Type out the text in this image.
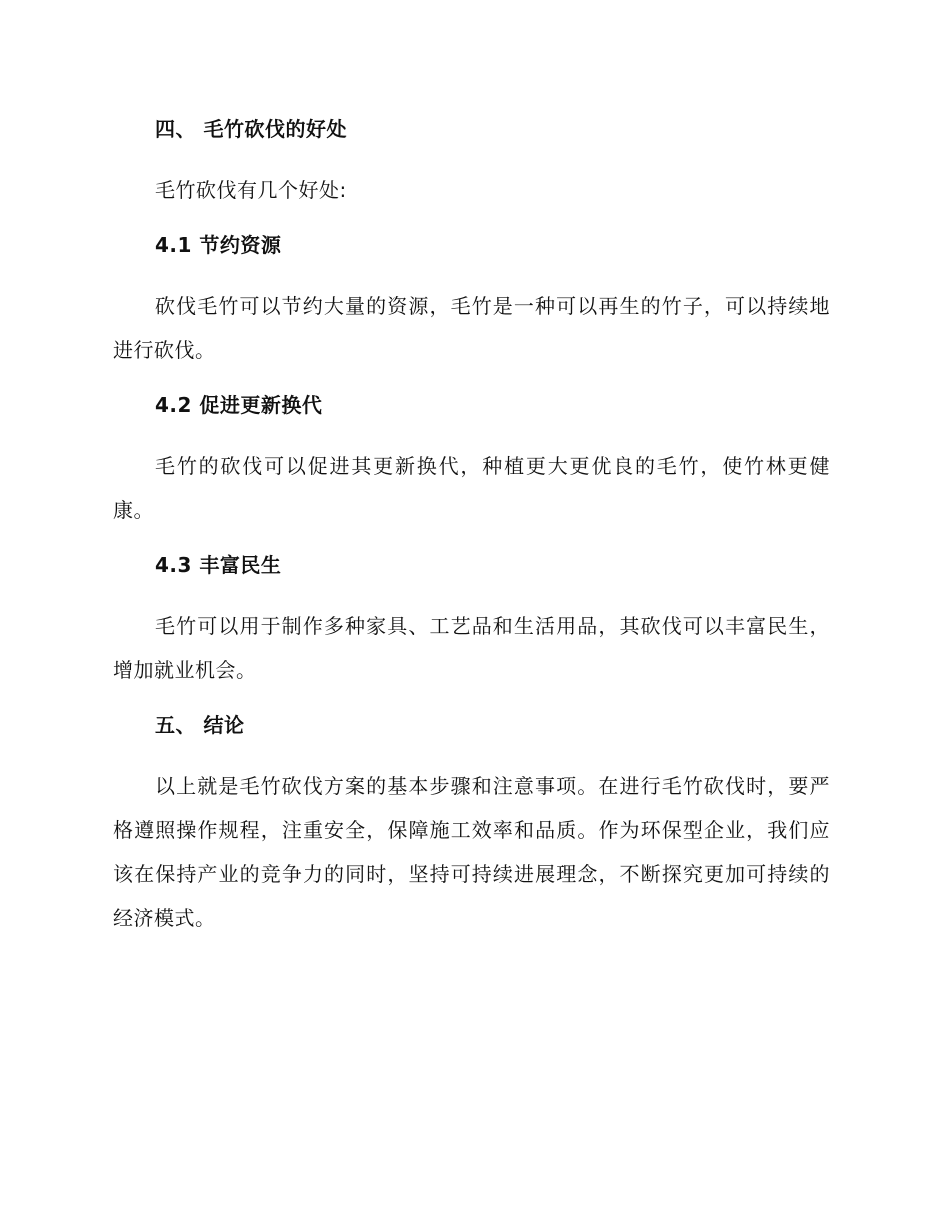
四、 毛竹砍伐的好处

毛竹砍伐有几个好处:

4.1 节约资源

砍伐毛竹可以节约大量的资源，毛竹是一种可以再生的竹子，可以持续地进行砍伐。

4.2 促进更新换代

毛竹的砍伐可以促进其更新换代，种植更大更优良的毛竹，使竹林更健康。

4.3 丰富民生

毛竹可以用于制作多种家具、工艺品和生活用品，其砍伐可以丰富民生，增加就业机会。

五、 结论

以上就是毛竹砍伐方案的基本步骤和注意事项。在进行毛竹砍伐时，要严格遵照操作规程，注重安全，保障施工效率和品质。作为环保型企业，我们应该在保持产业的竞争力的同时，坚持可持续进展理念，不断探究更加可持续的经济模式。
